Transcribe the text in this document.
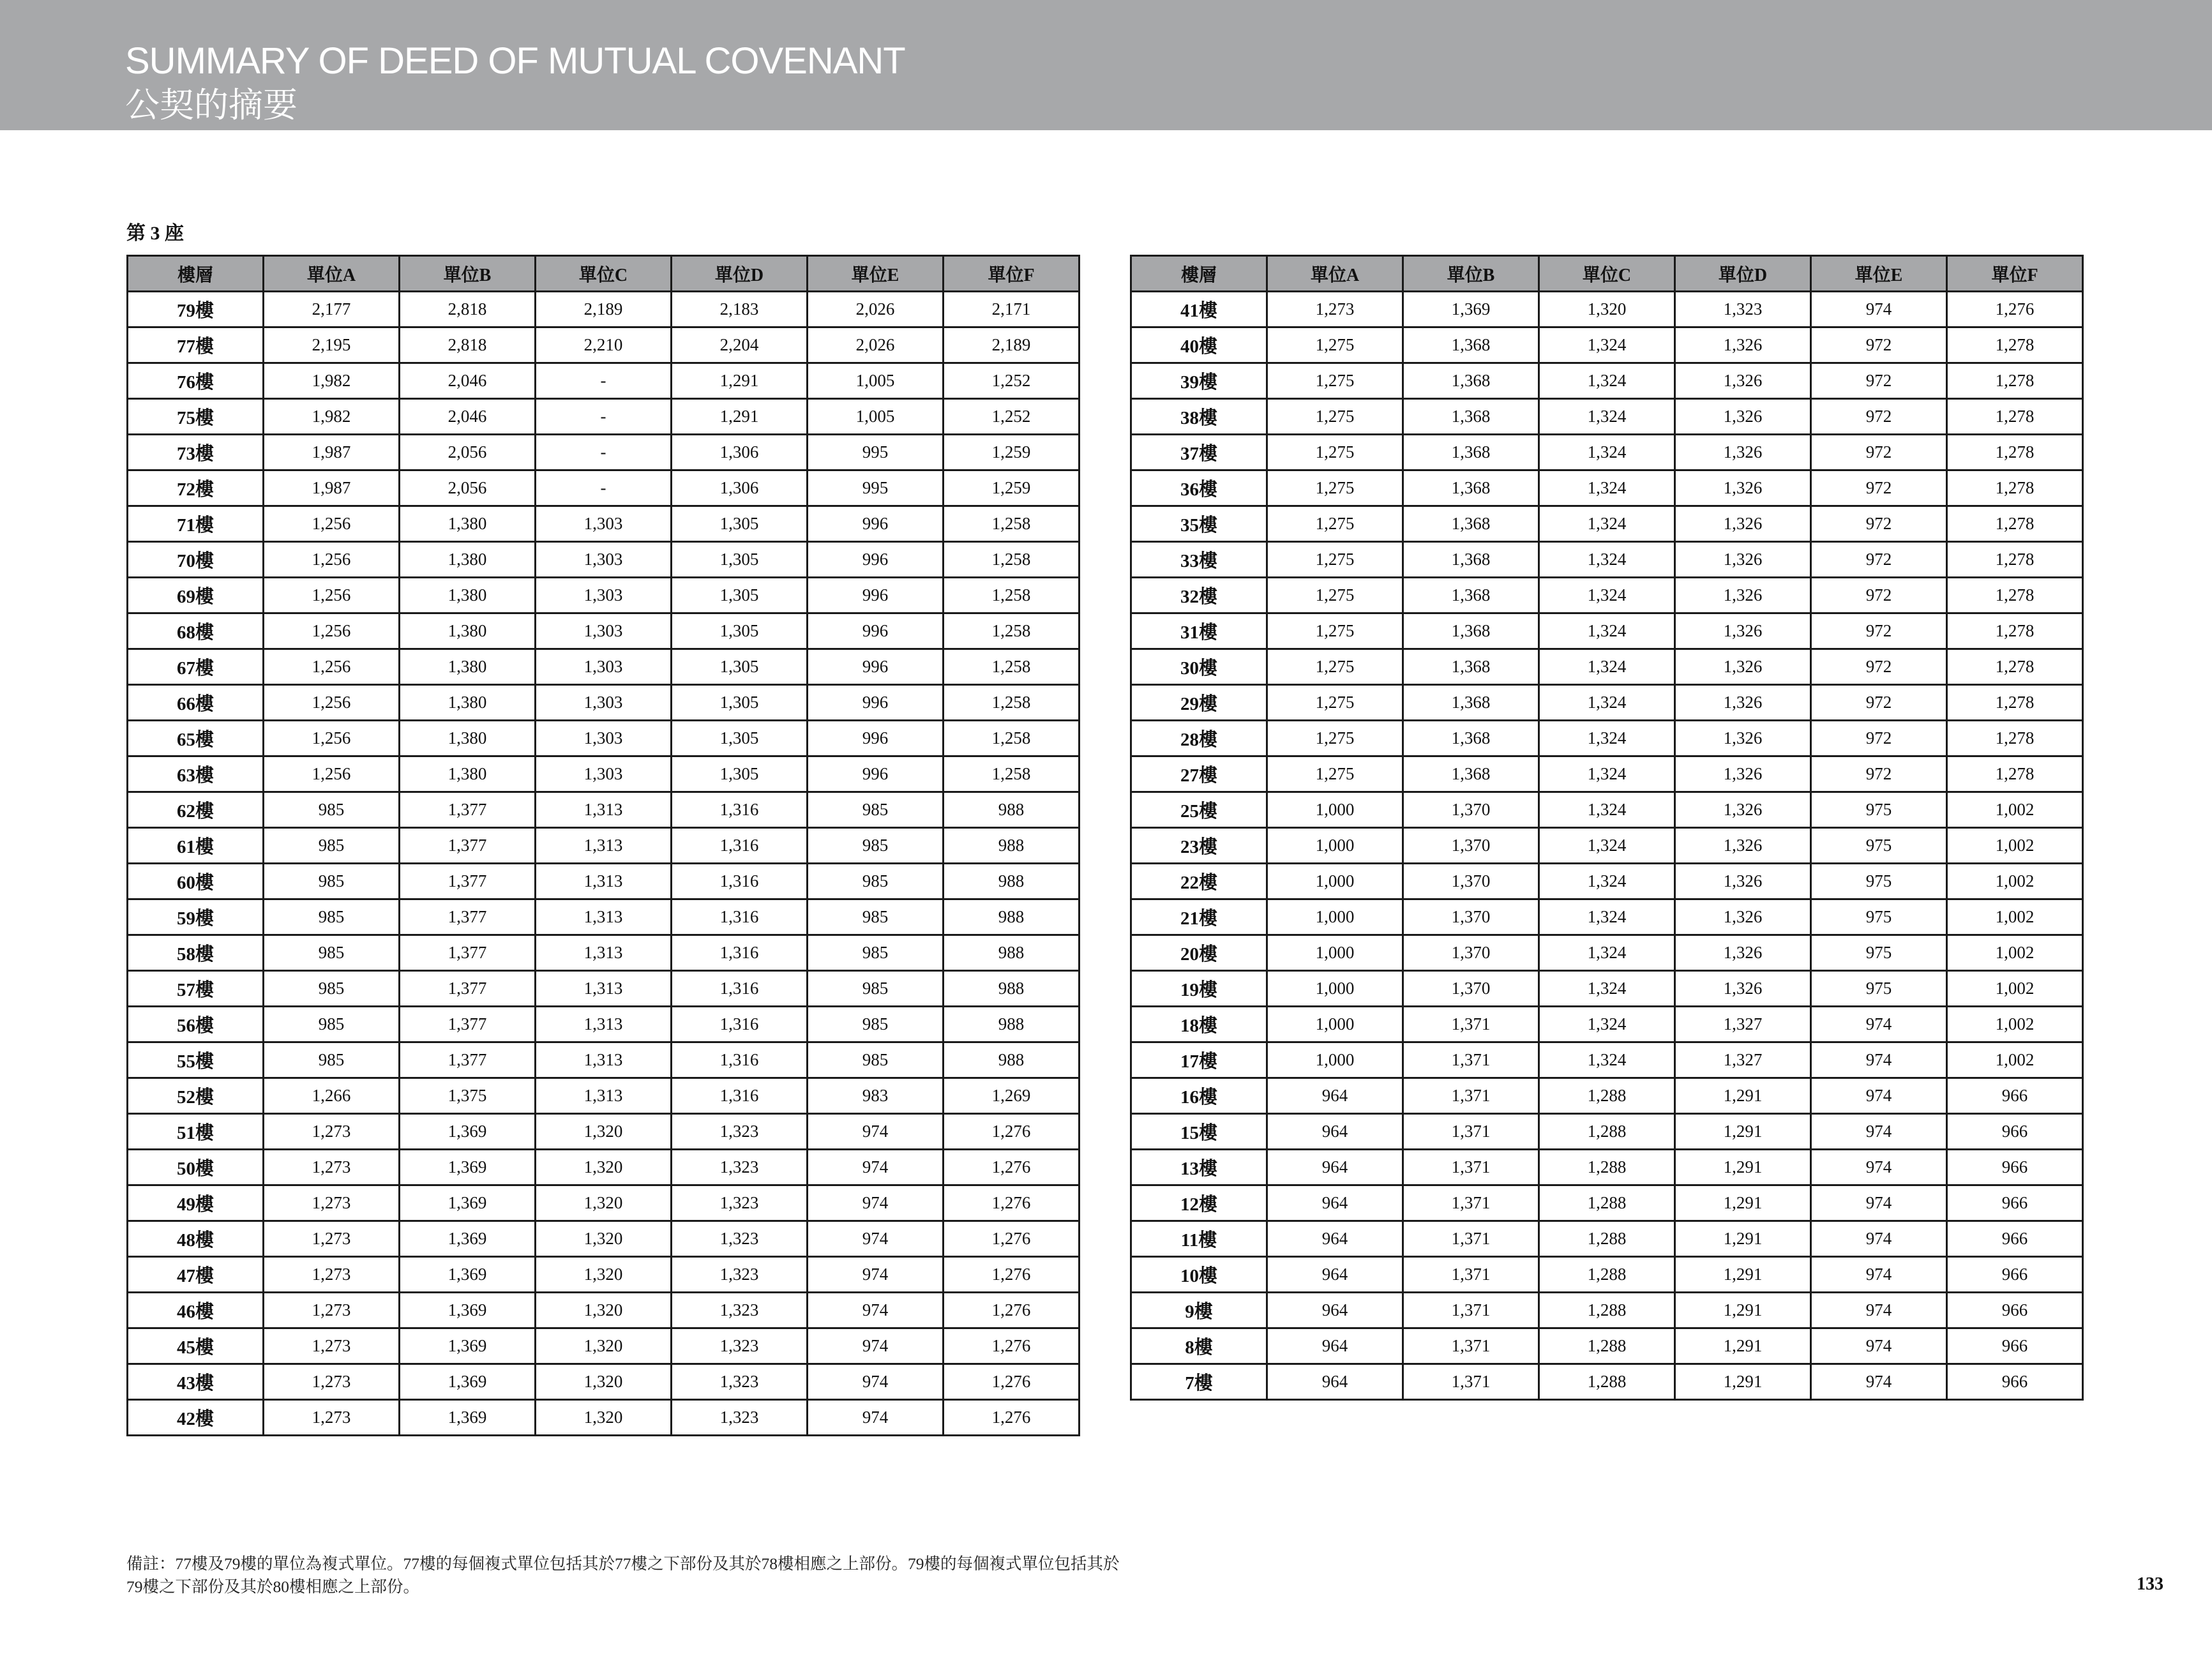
SUMMARY OF DEED OF MUTUAL COVENANT
公契的摘要
第 3 座
樓層	單位A	單位B	單位C	單位D	單位E	單位F
79樓	2,177	2,818	2,189	2,183	2,026	2,171
77樓	2,195	2,818	2,210	2,204	2,026	2,189
76樓	1,982	2,046	-	1,291	1,005	1,252
75樓	1,982	2,046	-	1,291	1,005	1,252
73樓	1,987	2,056	-	1,306	995	1,259
72樓	1,987	2,056	-	1,306	995	1,259
71樓	1,256	1,380	1,303	1,305	996	1,258
70樓	1,256	1,380	1,303	1,305	996	1,258
69樓	1,256	1,380	1,303	1,305	996	1,258
68樓	1,256	1,380	1,303	1,305	996	1,258
67樓	1,256	1,380	1,303	1,305	996	1,258
66樓	1,256	1,380	1,303	1,305	996	1,258
65樓	1,256	1,380	1,303	1,305	996	1,258
63樓	1,256	1,380	1,303	1,305	996	1,258
62樓	985	1,377	1,313	1,316	985	988
61樓	985	1,377	1,313	1,316	985	988
60樓	985	1,377	1,313	1,316	985	988
59樓	985	1,377	1,313	1,316	985	988
58樓	985	1,377	1,313	1,316	985	988
57樓	985	1,377	1,313	1,316	985	988
56樓	985	1,377	1,313	1,316	985	988
55樓	985	1,377	1,313	1,316	985	988
52樓	1,266	1,375	1,313	1,316	983	1,269
51樓	1,273	1,369	1,320	1,323	974	1,276
50樓	1,273	1,369	1,320	1,323	974	1,276
49樓	1,273	1,369	1,320	1,323	974	1,276
48樓	1,273	1,369	1,320	1,323	974	1,276
47樓	1,273	1,369	1,320	1,323	974	1,276
46樓	1,273	1,369	1,320	1,323	974	1,276
45樓	1,273	1,369	1,320	1,323	974	1,276
43樓	1,273	1,369	1,320	1,323	974	1,276
42樓	1,273	1,369	1,320	1,323	974	1,276
樓層	單位A	單位B	單位C	單位D	單位E	單位F
41樓	1,273	1,369	1,320	1,323	974	1,276
40樓	1,275	1,368	1,324	1,326	972	1,278
39樓	1,275	1,368	1,324	1,326	972	1,278
38樓	1,275	1,368	1,324	1,326	972	1,278
37樓	1,275	1,368	1,324	1,326	972	1,278
36樓	1,275	1,368	1,324	1,326	972	1,278
35樓	1,275	1,368	1,324	1,326	972	1,278
33樓	1,275	1,368	1,324	1,326	972	1,278
32樓	1,275	1,368	1,324	1,326	972	1,278
31樓	1,275	1,368	1,324	1,326	972	1,278
30樓	1,275	1,368	1,324	1,326	972	1,278
29樓	1,275	1,368	1,324	1,326	972	1,278
28樓	1,275	1,368	1,324	1,326	972	1,278
27樓	1,275	1,368	1,324	1,326	972	1,278
25樓	1,000	1,370	1,324	1,326	975	1,002
23樓	1,000	1,370	1,324	1,326	975	1,002
22樓	1,000	1,370	1,324	1,326	975	1,002
21樓	1,000	1,370	1,324	1,326	975	1,002
20樓	1,000	1,370	1,324	1,326	975	1,002
19樓	1,000	1,370	1,324	1,326	975	1,002
18樓	1,000	1,371	1,324	1,327	974	1,002
17樓	1,000	1,371	1,324	1,327	974	1,002
16樓	964	1,371	1,288	1,291	974	966
15樓	964	1,371	1,288	1,291	974	966
13樓	964	1,371	1,288	1,291	974	966
12樓	964	1,371	1,288	1,291	974	966
11樓	964	1,371	1,288	1,291	974	966
10樓	964	1,371	1,288	1,291	974	966
9樓	964	1,371	1,288	1,291	974	966
8樓	964	1,371	1,288	1,291	974	966
7樓	964	1,371	1,288	1,291	974	966
備註：77樓及79樓的單位為複式單位。77樓的每個複式單位包括其於77樓之下部份及其於78樓相應之上部份。79樓的每個複式單位包括其於79樓之下部份及其於80樓相應之上部份。	133
